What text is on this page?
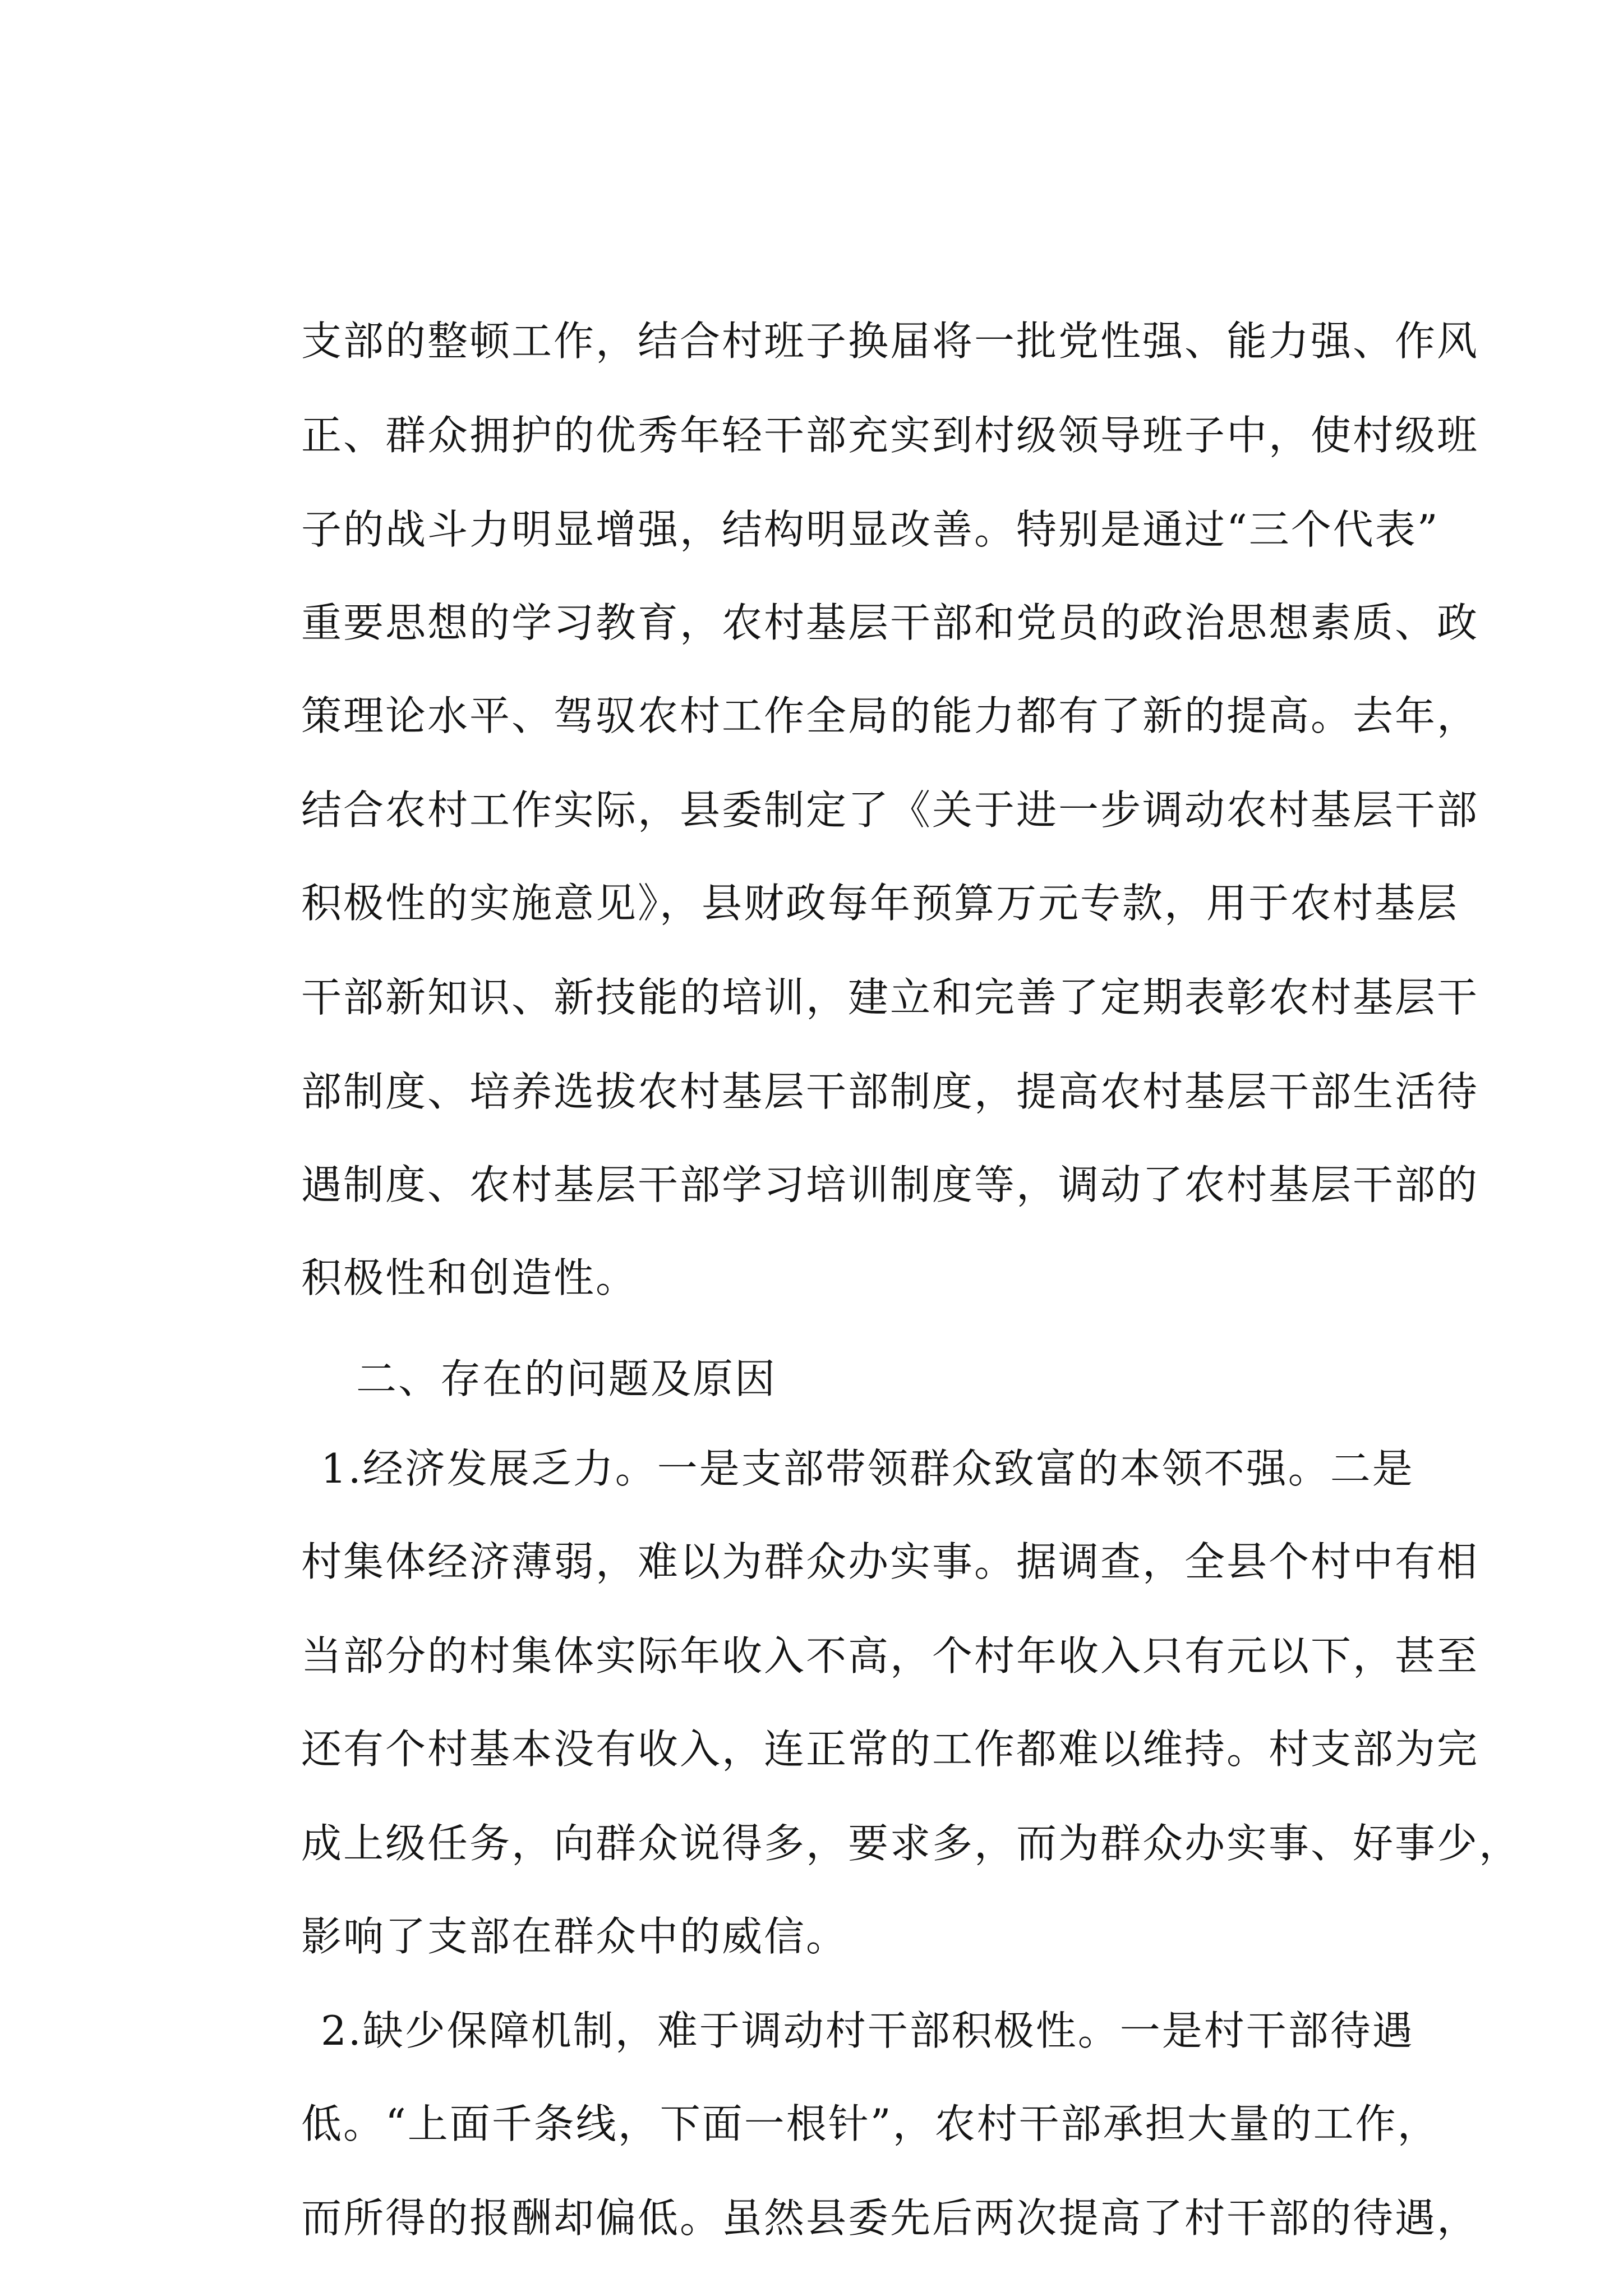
支部的整顿工作，结合村班子换届将一批党性强、能力强、作风
正、群众拥护的优秀年轻干部充实到村级领导班子中，使村级班
子的战斗力明显增强，结构明显改善。特别是通过“三个代表”
重要思想的学习教育，农村基层干部和党员的政治思想素质、政
策理论水平、驾驭农村工作全局的能力都有了新的提高。去年，
结合农村工作实际，县委制定了《关于进一步调动农村基层干部
积极性的实施意见》，县财政每年预算万元专款，用于农村基层
干部新知识、新技能的培训，建立和完善了定期表彰农村基层干
部制度、培养选拔农村基层干部制度，提高农村基层干部生活待
遇制度、农村基层干部学习培训制度等，调动了农村基层干部的
积极性和创造性。
二、存在的问题及原因
1.经济发展乏力。一是支部带领群众致富的本领不强。二是
村集体经济薄弱，难以为群众办实事。据调查，全县个村中有相
当部分的村集体实际年收入不高，个村年收入只有元以下，甚至
还有个村基本没有收入，连正常的工作都难以维持。村支部为完
成上级任务，向群众说得多，要求多，而为群众办实事、好事少，
影响了支部在群众中的威信。
2.缺少保障机制，难于调动村干部积极性。一是村干部待遇
低。“上面千条线，下面一根针”，农村干部承担大量的工作，
而所得的报酬却偏低。虽然县委先后两次提高了村干部的待遇，
